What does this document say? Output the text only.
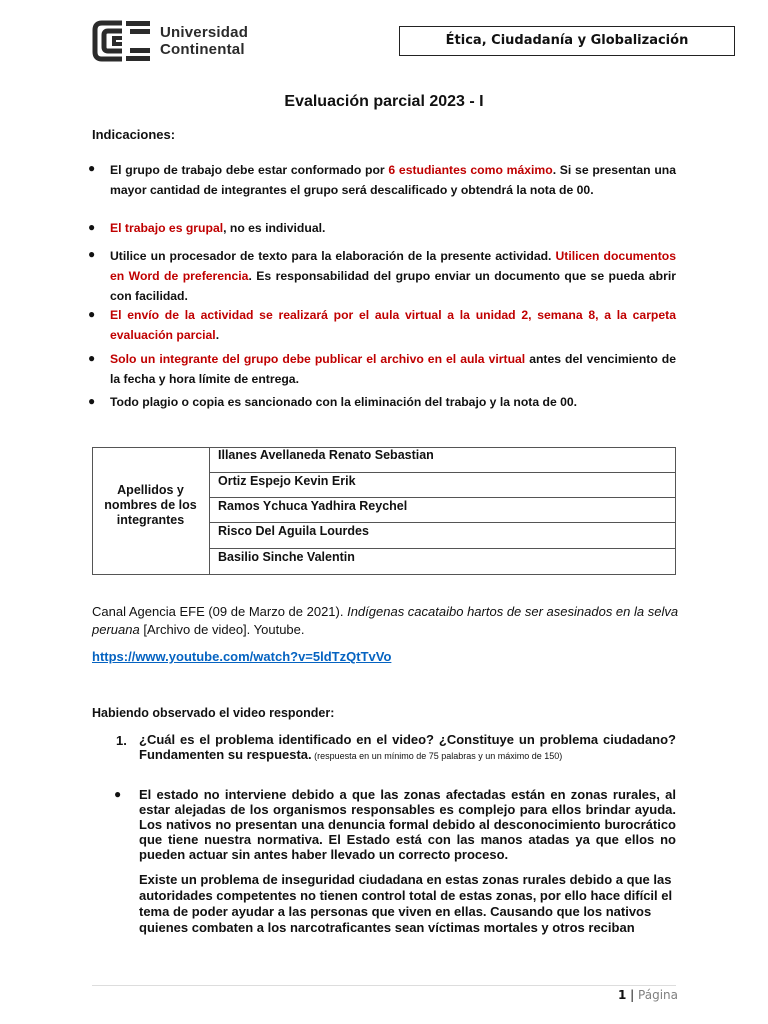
Universidad
Continental
Ética, Ciudadanía y Globalización
Evaluación parcial 2023 - I
Indicaciones:
● El grupo de trabajo debe estar conformado por 6 estudiantes como máximo. Si se presentan una mayor cantidad de integrantes el grupo será descalificado y obtendrá la nota de 00.
● El trabajo es grupal, no es individual.
● Utilice un procesador de texto para la elaboración de la presente actividad. Utilicen documentos en Word de preferencia. Es responsabilidad del grupo enviar un documento que se pueda abrir con facilidad.
● El envío de la actividad se realizará por el aula virtual a la unidad 2, semana 8, a la carpeta evaluación parcial.
● Solo un integrante del grupo debe publicar el archivo en el aula virtual antes del vencimiento de la fecha y hora límite de entrega.
● Todo plagio o copia es sancionado con la eliminación del trabajo y la nota de 00.
Apellidos y nombres de los integrantes
Illanes Avellaneda Renato Sebastian
Ortiz Espejo Kevin Erik
Ramos Ychuca Yadhira Reychel
Risco Del Aguila Lourdes
Basilio Sinche Valentin
Canal Agencia EFE (09 de Marzo de 2021). Indígenas cacataibo hartos de ser asesinados en la selva peruana [Archivo de video]. Youtube.
https://www.youtube.com/watch?v=5ldTzQtTvVo
Habiendo observado el video responder:
1. ¿Cuál es el problema identificado en el video? ¿Constituye un problema ciudadano? Fundamenten su respuesta. (respuesta en un mínimo de 75 palabras y un máximo de 150)
● El estado no interviene debido a que las zonas afectadas están en zonas rurales, al estar alejadas de los organismos responsables es complejo para ellos brindar ayuda. Los nativos no presentan una denuncia formal debido al desconocimiento burocrático que tiene nuestra normativa. El Estado está con las manos atadas ya que ellos no pueden actuar sin antes haber llevado un correcto proceso.
Existe un problema de inseguridad ciudadana en estas zonas rurales debido a que las autoridades competentes no tienen control total de estas zonas, por ello hace difícil el tema de poder ayudar a las personas que viven en ellas. Causando que los nativos quienes combaten a los narcotraficantes sean víctimas mortales y otros reciban
1 | Página
